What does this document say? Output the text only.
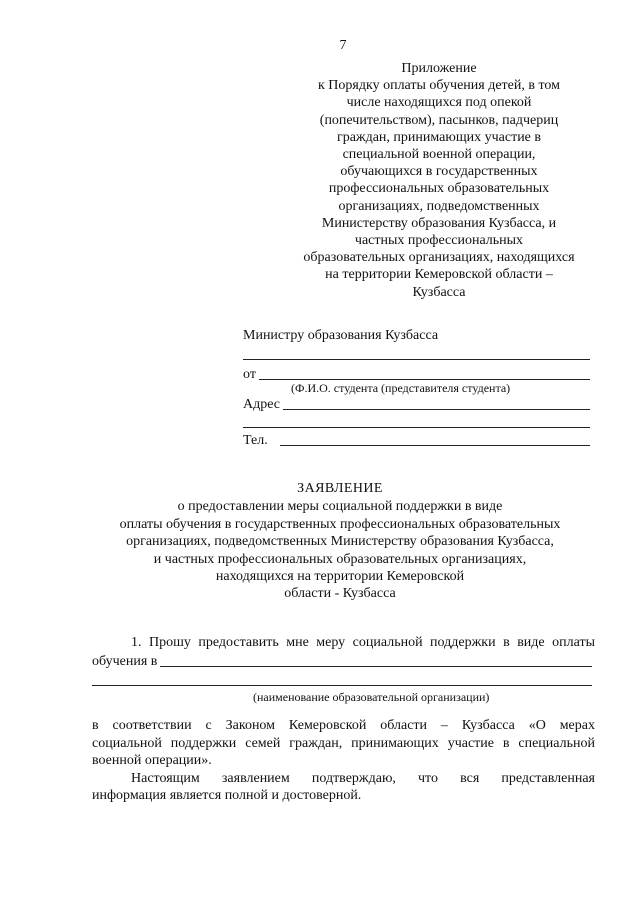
7
Приложение
к Порядку оплаты обучения детей, в том
числе находящихся под опекой
(попечительством), пасынков, падчериц
граждан, принимающих участие в
специальной военной операции,
обучающихся в государственных
профессиональных образовательных
организациях, подведомственных
Министерству образования Кузбасса, и
частных профессиональных
образовательных организациях, находящихся
на территории Кемеровской области –
Кузбасса
Министру образования Кузбасса
от
(Ф.И.О. студента (представителя студента)
Адрес
Тел.
ЗАЯВЛЕНИЕ
о предоставлении меры социальной поддержки в виде
оплаты обучения в государственных профессиональных образовательных
организациях, подведомственных Министерству образования Кузбасса,
и частных профессиональных образовательных организациях,
находящихся на территории Кемеровской
области - Кузбасса
1. Прошу предоставить мне меру социальной поддержки в виде оплаты
обучения в
(наименование образовательной организации)
в соответствии с Законом Кемеровской области – Кузбасса «О мерах
социальной поддержки семей граждан, принимающих участие в специальной
военной операции».
Настоящим заявлением подтверждаю, что вся представленная
информация является полной и достоверной.
